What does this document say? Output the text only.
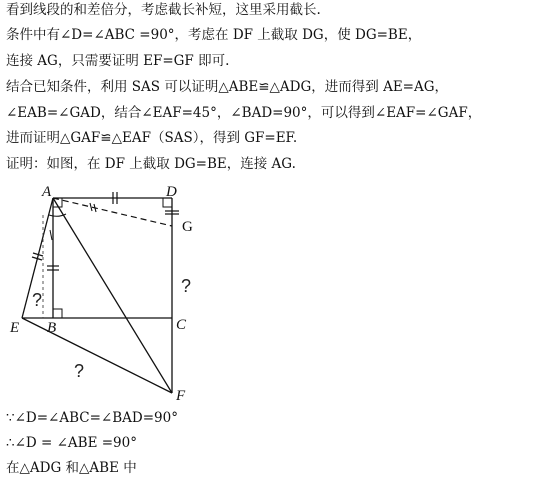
看到线段的和差倍分，考虑截长补短，这里采用截长.
条件中有∠D=∠ABC =90°，考虑在 DF 上截取 DG，使 DG=BE，
连接 AG，只需要证明 EF=GF 即可.
结合已知条件，利用 SAS 可以证明△ABE≌△ADG，进而得到 AE=AG，
∠EAB=∠GAD，结合∠EAF=45°，∠BAD=90°，可以得到∠EAF=∠GAF，
进而证明△GAF≌△EAF（SAS），得到 GF=EF.
证明：如图，在 DF 上截取 DG=BE，连接 AG.
A	D
G
E B	C
F
?
?
?
∵∠D=∠ABC=∠BAD=90°
∴∠D = ∠ABE =90°
在△ADG 和△ABE 中
